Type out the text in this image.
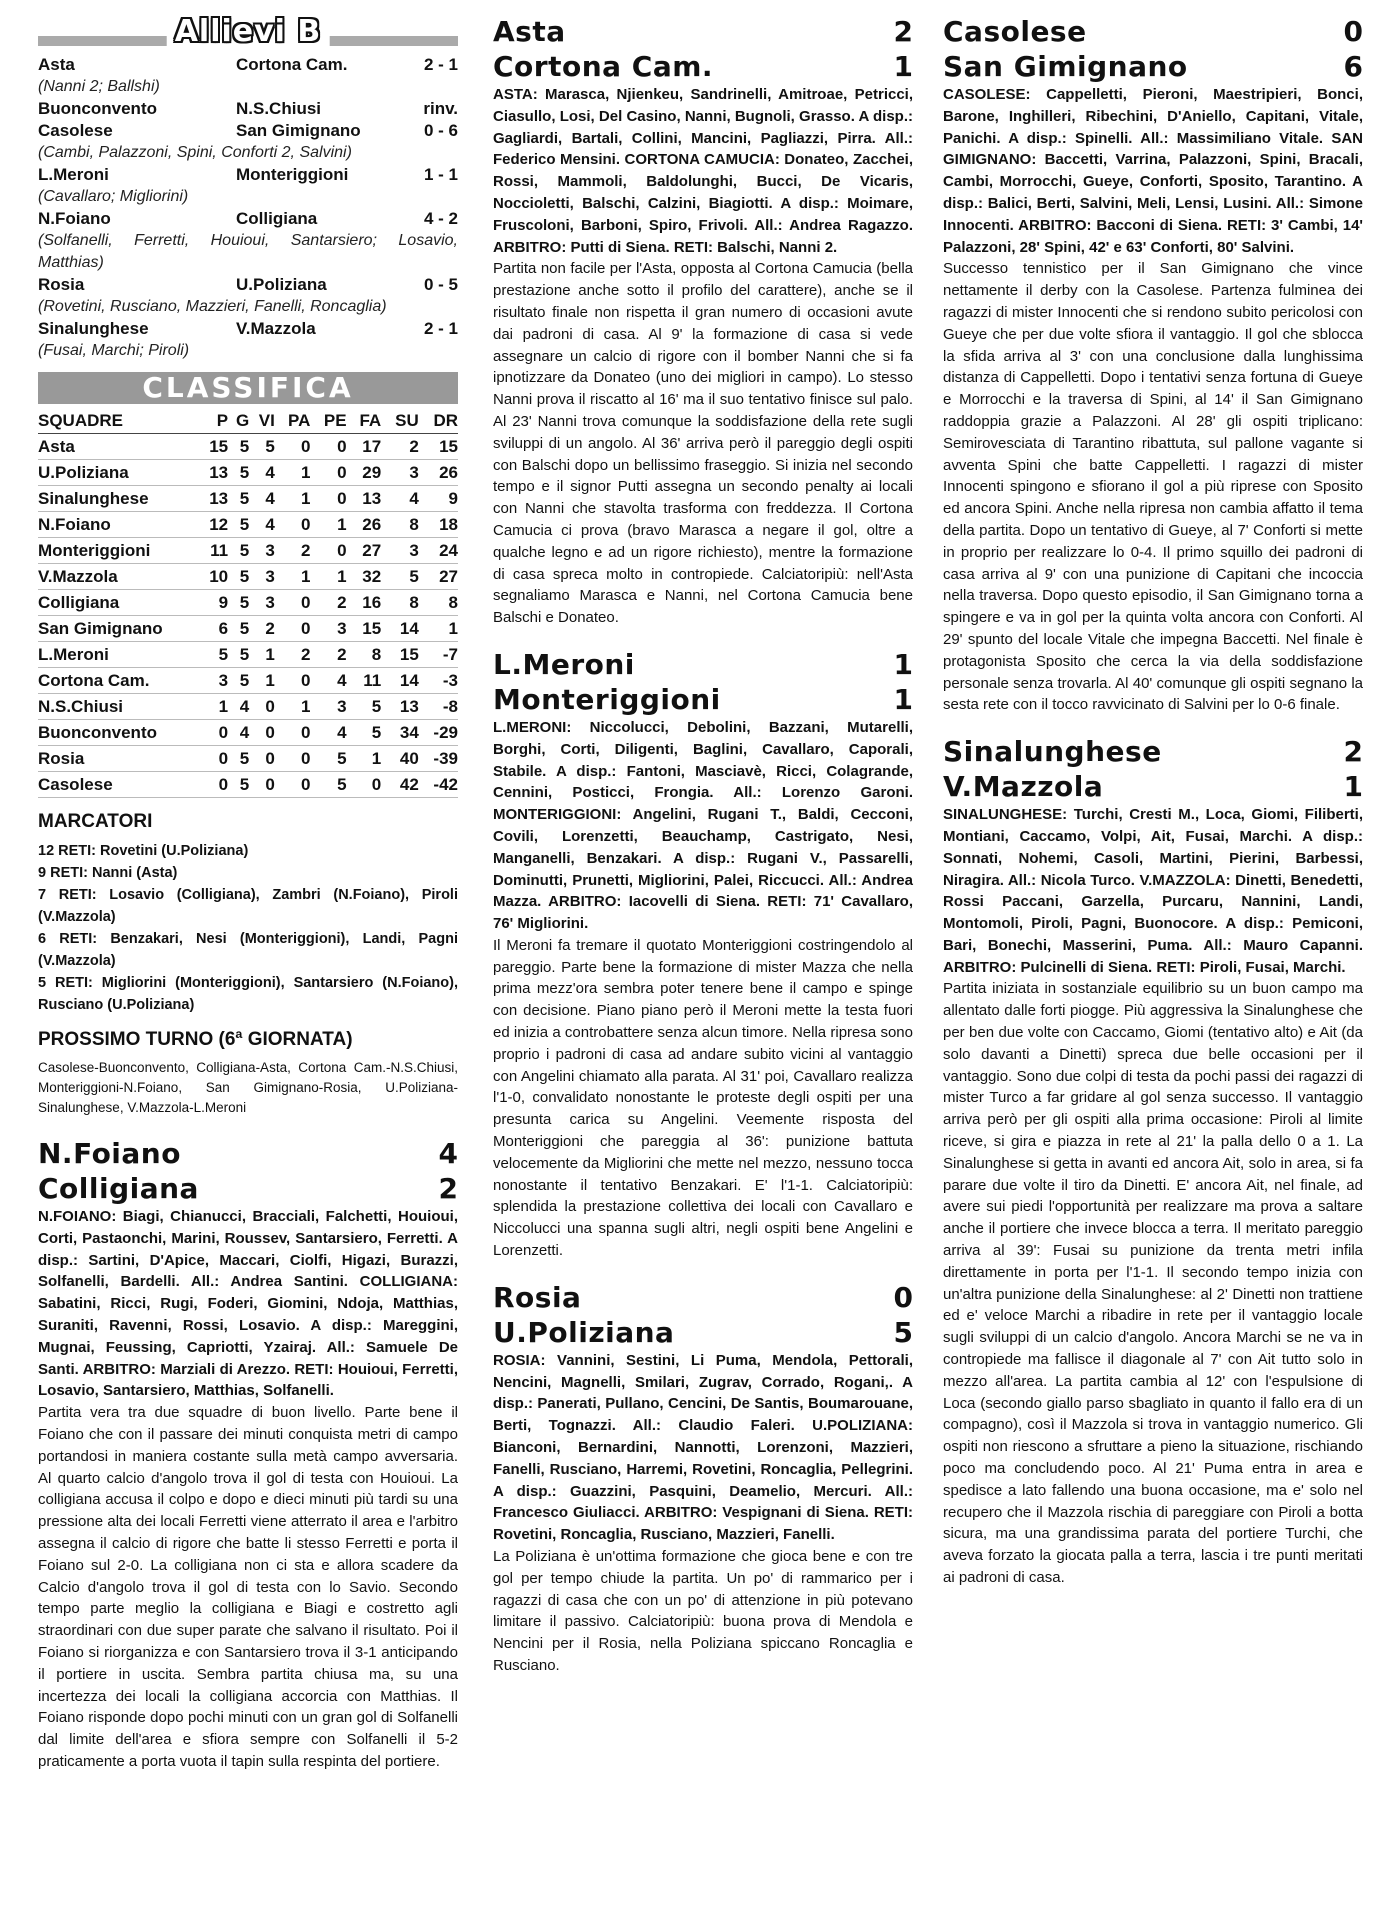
Allievi B
Asta	Cortona Cam.	2 - 1
(Nanni 2; Ballshi)
Buonconvento	N.S.Chiusi	rinv.
Casolese	San Gimignano	0 - 6
(Cambi, Palazzoni, Spini, Conforti 2, Salvini)
L.Meroni	Monteriggioni	1 - 1
(Cavallaro; Migliorini)
N.Foiano	Colligiana	4 - 2
(Solfanelli, Ferretti, Houioui, Santarsiero; Losavio, Matthias)
Rosia	U.Poliziana	0 - 5
(Rovetini, Rusciano, Mazzieri, Fanelli, Roncaglia)
Sinalunghese	V.Mazzola	2 - 1
(Fusai, Marchi; Piroli)
CLASSIFICA
SQUADRE	P	G	VI	PA	PE	FA	SU	DR
Asta	15	5	5	0	0	17	2	15
U.Poliziana	13	5	4	1	0	29	3	26
Sinalunghese	13	5	4	1	0	13	4	9
N.Foiano	12	5	4	0	1	26	8	18
Monteriggioni	11	5	3	2	0	27	3	24
V.Mazzola	10	5	3	1	1	32	5	27
Colligiana	9	5	3	0	2	16	8	8
San Gimignano	6	5	2	0	3	15	14	1
L.Meroni	5	5	1	2	2	8	15	-7
Cortona Cam.	3	5	1	0	4	11	14	-3
N.S.Chiusi	1	4	0	1	3	5	13	-8
Buonconvento	0	4	0	0	4	5	34	-29
Rosia	0	5	0	0	5	1	40	-39
Casolese	0	5	0	0	5	0	42	-42
MARCATORI
12 RETI: Rovetini (U.Poliziana)
9 RETI: Nanni (Asta)
7 RETI: Losavio (Colligiana), Zambri (N.Foiano), Piroli (V.Mazzola)
6 RETI: Benzakari, Nesi (Monteriggioni), Landi, Pagni (V.Mazzola)
5 RETI: Migliorini (Monteriggioni), Santarsiero (N.Foiano), Rusciano (U.Poliziana)
PROSSIMO TURNO (6ª GIORNATA)
Casolese-Buonconvento, Colligiana-Asta, Cortona Cam.-N.S.Chiusi, Monteriggioni-N.Foiano, San Gimignano-Rosia, U.Poliziana-Sinalunghese, V.Mazzola-L.Meroni
N.Foiano	4
Colligiana	2
N.FOIANO: Biagi, Chianucci, Bracciali, Falchetti, Houioui, Corti, Pastaonchi, Marini, Roussev, Santarsiero, Ferretti. A disp.: Sartini, D'Apice, Maccari, Ciolfi, Higazi, Burazzi, Solfanelli, Bardelli. All.: Andrea Santini. COLLIGIANA: Sabatini, Ricci, Rugi, Foderi, Giomini, Ndoja, Matthias, Suraniti, Ravenni, Rossi, Losavio. A disp.: Mareggini, Mugnai, Feussing, Capriotti, Yzairaj. All.: Samuele De Santi. ARBITRO: Marziali di Arezzo. RETI: Houioui, Ferretti, Losavio, Santarsiero, Matthias, Solfanelli.
Partita vera tra due squadre di buon livello. Parte bene il Foiano che con il passare dei minuti conquista metri di campo portandosi in maniera costante sulla metà campo avversaria. Al quarto calcio d'angolo trova il gol di testa con Houioui. La colligiana accusa il colpo e dopo e dieci minuti più tardi su una pressione alta dei locali Ferretti viene atterrato il area e l'arbitro assegna il calcio di rigore che batte li stesso Ferretti e porta il Foiano sul 2-0. La colligiana non ci sta e allora scadere da Calcio d'angolo trova il gol di testa con lo Savio. Secondo tempo parte meglio la colligiana e Biagi e costretto agli straordinari con due super parate che salvano il risultato. Poi il Foiano si riorganizza e con Santarsiero trova il 3-1 anticipando il portiere in uscita. Sembra partita chiusa ma, su una incertezza dei locali la colligiana accorcia con Matthias. Il Foiano risponde dopo pochi minuti con un gran gol di Solfanelli dal limite dell'area e sfiora sempre con Solfanelli il 5-2 praticamente a porta vuota il tapin sulla respinta del portiere.
Asta	2
Cortona Cam.	1
ASTA: Marasca, Njienkeu, Sandrinelli, Amitroae, Petricci, Ciasullo, Losi, Del Casino, Nanni, Bugnoli, Grasso. A disp.: Gagliardi, Bartali, Collini, Mancini, Pagliazzi, Pirra. All.: Federico Mensini. CORTONA CAMUCIA: Donateo, Zacchei, Rossi, Mammoli, Baldolunghi, Bucci, De Vicaris, Noccioletti, Balschi, Calzini, Biagiotti. A disp.: Moimare, Fruscoloni, Barboni, Spiro, Frivoli. All.: Andrea Ragazzo. ARBITRO: Putti di Siena. RETI: Balschi, Nanni 2.
Partita non facile per l'Asta, opposta al Cortona Camucia (bella prestazione anche sotto il profilo del carattere), anche se il risultato finale non rispetta il gran numero di occasioni avute dai padroni di casa. Al 9' la formazione di casa si vede assegnare un calcio di rigore con il bomber Nanni che si fa ipnotizzare da Donateo (uno dei migliori in campo). Lo stesso Nanni prova il riscatto al 16' ma il suo tentativo finisce sul palo. Al 23' Nanni trova comunque la soddisfazione della rete sugli sviluppi di un angolo. Al 36' arriva però il pareggio degli ospiti con Balschi dopo un bellissimo fraseggio. Si inizia nel secondo tempo e il signor Putti assegna un secondo penalty ai locali con Nanni che stavolta trasforma con freddezza. Il Cortona Camucia ci prova (bravo Marasca a negare il gol, oltre a qualche legno e ad un rigore richiesto), mentre la formazione di casa spreca molto in contropiede. Calciatoripiù: nell'Asta segnaliamo Marasca e Nanni, nel Cortona Camucia bene Balschi e Donateo.
L.Meroni	1
Monteriggioni	1
L.MERONI: Niccolucci, Debolini, Bazzani, Mutarelli, Borghi, Corti, Diligenti, Baglini, Cavallaro, Caporali, Stabile. A disp.: Fantoni, Masciavè, Ricci, Colagrande, Cennini, Posticci, Frongia. All.: Lorenzo Garoni. MONTERIGGIONI: Angelini, Rugani T., Baldi, Cecconi, Covili, Lorenzetti, Beauchamp, Castrigato, Nesi, Manganelli, Benzakari. A disp.: Rugani V., Passarelli, Dominutti, Prunetti, Migliorini, Palei, Riccucci. All.: Andrea Mazza. ARBITRO: Iacovelli di Siena. RETI: 71' Cavallaro, 76' Migliorini.
Il Meroni fa tremare il quotato Monteriggioni costringendolo al pareggio. Parte bene la formazione di mister Mazza che nella prima mezz'ora sembra poter tenere bene il campo e spinge con decisione. Piano piano però il Meroni mette la testa fuori ed inizia a controbattere senza alcun timore. Nella ripresa sono proprio i padroni di casa ad andare subito vicini al vantaggio con Angelini chiamato alla parata. Al 31' poi, Cavallaro realizza l'1-0, convalidato nonostante le proteste degli ospiti per una presunta carica su Angelini. Veemente risposta del Monteriggioni che pareggia al 36': punizione battuta velocemente da Migliorini che mette nel mezzo, nessuno tocca nonostante il tentativo Benzakari. E' l'1-1. Calciatoripiù: splendida la prestazione collettiva dei locali con Cavallaro e Niccolucci una spanna sugli altri, negli ospiti bene Angelini e Lorenzetti.
Rosia	0
U.Poliziana	5
ROSIA: Vannini, Sestini, Li Puma, Mendola, Pettorali, Nencini, Magnelli, Smilari, Zugrav, Corrado, Rogani,. A disp.: Panerati, Pullano, Cencini, De Santis, Boumarouane, Berti, Tognazzi. All.: Claudio Faleri. U.POLIZIANA: Bianconi, Bernardini, Nannotti, Lorenzoni, Mazzieri, Fanelli, Rusciano, Harremi, Rovetini, Roncaglia, Pellegrini. A disp.: Guazzini, Pasquini, Deamelio, Mercuri. All.: Francesco Giuliacci. ARBITRO: Vespignani di Siena. RETI: Rovetini, Roncaglia, Rusciano, Mazzieri, Fanelli.
La Poliziana è un'ottima formazione che gioca bene e con tre gol per tempo chiude la partita. Un po' di rammarico per i ragazzi di casa che con un po' di attenzione in più potevano limitare il passivo. Calciatoripiù: buona prova di Mendola e Nencini per il Rosia, nella Poliziana spiccano Roncaglia e Rusciano.
Casolese	0
San Gimignano	6
CASOLESE: Cappelletti, Pieroni, Maestripieri, Bonci, Barone, Inghilleri, Ribechini, D'Aniello, Capitani, Vitale, Panichi. A disp.: Spinelli. All.: Massimiliano Vitale. SAN GIMIGNANO: Baccetti, Varrina, Palazzoni, Spini, Bracali, Cambi, Morrocchi, Gueye, Conforti, Sposito, Tarantino. A disp.: Balici, Berti, Salvini, Meli, Lensi, Lusini. All.: Simone Innocenti. ARBITRO: Bacconi di Siena. RETI: 3' Cambi, 14' Palazzoni, 28' Spini, 42' e 63' Conforti, 80' Salvini.
Successo tennistico per il San Gimignano che vince nettamente il derby con la Casolese. Partenza fulminea dei ragazzi di mister Innocenti che si rendono subito pericolosi con Gueye che per due volte sfiora il vantaggio. Il gol che sblocca la sfida arriva al 3' con una conclusione dalla lunghissima distanza di Cappelletti. Dopo i tentativi senza fortuna di Gueye e Morrocchi e la traversa di Spini, al 14' il San Gimignano raddoppia grazie a Palazzoni. Al 28' gli ospiti triplicano: Semirovesciata di Tarantino ribattuta, sul pallone vagante si avventa Spini che batte Cappelletti. I ragazzi di mister Innocenti spingono e sfiorano il gol a più riprese con Sposito ed ancora Spini. Anche nella ripresa non cambia affatto il tema della partita. Dopo un tentativo di Gueye, al 7' Conforti si mette in proprio per realizzare lo 0-4. Il primo squillo dei padroni di casa arriva al 9' con una punizione di Capitani che incoccia nella traversa. Dopo questo episodio, il San Gimignano torna a spingere e va in gol per la quinta volta ancora con Conforti. Al 29' spunto del locale Vitale che impegna Baccetti. Nel finale è protagonista Sposito che cerca la via della soddisfazione personale senza trovarla. Al 40' comunque gli ospiti segnano la sesta rete con il tocco ravvicinato di Salvini per lo 0-6 finale.
Sinalunghese	2
V.Mazzola	1
SINALUNGHESE: Turchi, Cresti M., Loca, Giomi, Filiberti, Montiani, Caccamo, Volpi, Ait, Fusai, Marchi. A disp.: Sonnati, Nohemi, Casoli, Martini, Pierini, Barbessi, Niragira. All.: Nicola Turco. V.MAZZOLA: Dinetti, Benedetti, Rossi Paccani, Garzella, Purcaru, Nannini, Landi, Montomoli, Piroli, Pagni, Buonocore. A disp.: Pemiconi, Bari, Bonechi, Masserini, Puma. All.: Mauro Capanni. ARBITRO: Pulcinelli di Siena. RETI: Piroli, Fusai, Marchi.
Partita iniziata in sostanziale equilibrio su un buon campo ma allentato dalle forti piogge. Più aggressiva la Sinalunghese che per ben due volte con Caccamo, Giomi (tentativo alto) e Ait (da solo davanti a Dinetti) spreca due belle occasioni per il vantaggio. Sono due colpi di testa da pochi passi dei ragazzi di mister Turco a far gridare al gol senza successo. Il vantaggio arriva però per gli ospiti alla prima occasione: Piroli al limite riceve, si gira e piazza in rete al 21' la palla dello 0 a 1. La Sinalunghese si getta in avanti ed ancora Ait, solo in area, si fa parare due volte il tiro da Dinetti. E' ancora Ait, nel finale, ad avere sui piedi l'opportunità per realizzare ma prova a saltare anche il portiere che invece blocca a terra. Il meritato pareggio arriva al 39': Fusai su punizione da trenta metri infila direttamente in porta per l'1-1. Il secondo tempo inizia con un'altra punizione della Sinalunghese: al 2' Dinetti non trattiene ed e' veloce Marchi a ribadire in rete per il vantaggio locale sugli sviluppi di un calcio d'angolo. Ancora Marchi se ne va in contropiede ma fallisce il diagonale al 7' con Ait tutto solo in mezzo all'area. La partita cambia al 12' con l'espulsione di Loca (secondo giallo parso sbagliato in quanto il fallo era di un compagno), così il Mazzola si trova in vantaggio numerico. Gli ospiti non riescono a sfruttare a pieno la situazione, rischiando poco ma concludendo poco. Al 21' Puma entra in area e spedisce a lato fallendo una buona occasione, ma e' solo nel recupero che il Mazzola rischia di pareggiare con Piroli a botta sicura, ma una grandissima parata del portiere Turchi, che aveva forzato la giocata palla a terra, lascia i tre punti meritati ai padroni di casa.
